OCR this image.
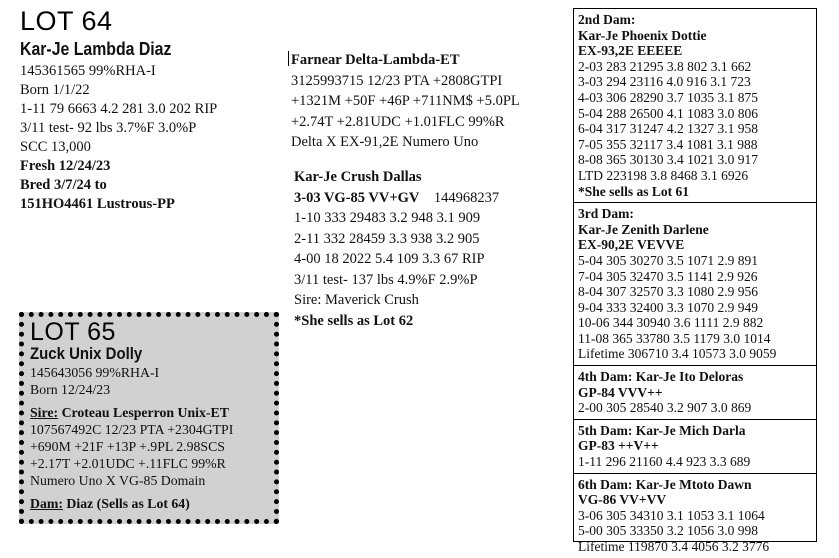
LOT 64
Kar-Je Lambda Diaz
145361565 99%RHA-I
Born 1/1/22
1-11 79 6663 4.2 281 3.0 202 RIP
3/11 test- 92 lbs 3.7%F 3.0%P
SCC 13,000
Fresh 12/24/23
Bred 3/7/24 to
151HO4461 Lustrous-PP
Farnear Delta-Lambda-ET
3125993715 12/23 PTA +2808GTPI
+1321M +50F +46P +711NM$ +5.0PL
+2.74T +2.81UDC +1.01FLC 99%R
Delta X EX-91,2E Numero Uno
Kar-Je Crush Dallas
3-03 VG-85 VV+GV 144968237
1-10 333 29483 3.2 948 3.1 909
2-11 332 28459 3.3 938 3.2 905
4-00 18 2022 5.4 109 3.3 67 RIP
3/11 test- 137 lbs 4.9%F 2.9%P
Sire: Maverick Crush
*She sells as Lot 62
LOT 65
Zuck Unix Dolly
145643056 99%RHA-I
Born 12/24/23
Sire: Croteau Lesperron Unix-ET
107567492C 12/23 PTA +2304GTPI
+690M +21F +13P +.9PL 2.98SCS
+2.17T +2.01UDC +.11FLC 99%R
Numero Uno X VG-85 Domain
Dam: Diaz (Sells as Lot 64)
2nd Dam:
Kar-Je Phoenix Dottie
EX-93,2E EEEEE
2-03 283 21295 3.8 802 3.1 662
3-03 294 23116 4.0 916 3.1 723
4-03 306 28290 3.7 1035 3.1 875
5-04 288 26500 4.1 1083 3.0 806
6-04 317 31247 4.2 1327 3.1 958
7-05 355 32117 3.4 1081 3.1 988
8-08 365 30130 3.4 1021 3.0 917
LTD 223198 3.8 8468 3.1 6926
*She sells as Lot 61
3rd Dam:
Kar-Je Zenith Darlene
EX-90,2E VEVVE
5-04 305 30270 3.5 1071 2.9 891
7-04 305 32470 3.5 1141 2.9 926
8-04 307 32570 3.3 1080 2.9 956
9-04 333 32400 3.3 1070 2.9 949
10-06 344 30940 3.6 1111 2.9 882
11-08 365 33780 3.5 1179 3.0 1014
Lifetime 306710 3.4 10573 3.0 9059
4th Dam: Kar-Je Ito Deloras
GP-84 VVV++
2-00 305 28540 3.2 907 3.0 869
5th Dam: Kar-Je Mich Darla
GP-83 ++V++
1-11 296 21160 4.4 923 3.3 689
6th Dam: Kar-Je Mtoto Dawn
VG-86 VV+VV
3-06 305 34310 3.1 1053 3.1 1064
5-00 305 33350 3.2 1056 3.0 998
Lifetime 119870 3.4 4056 3.2 3776
